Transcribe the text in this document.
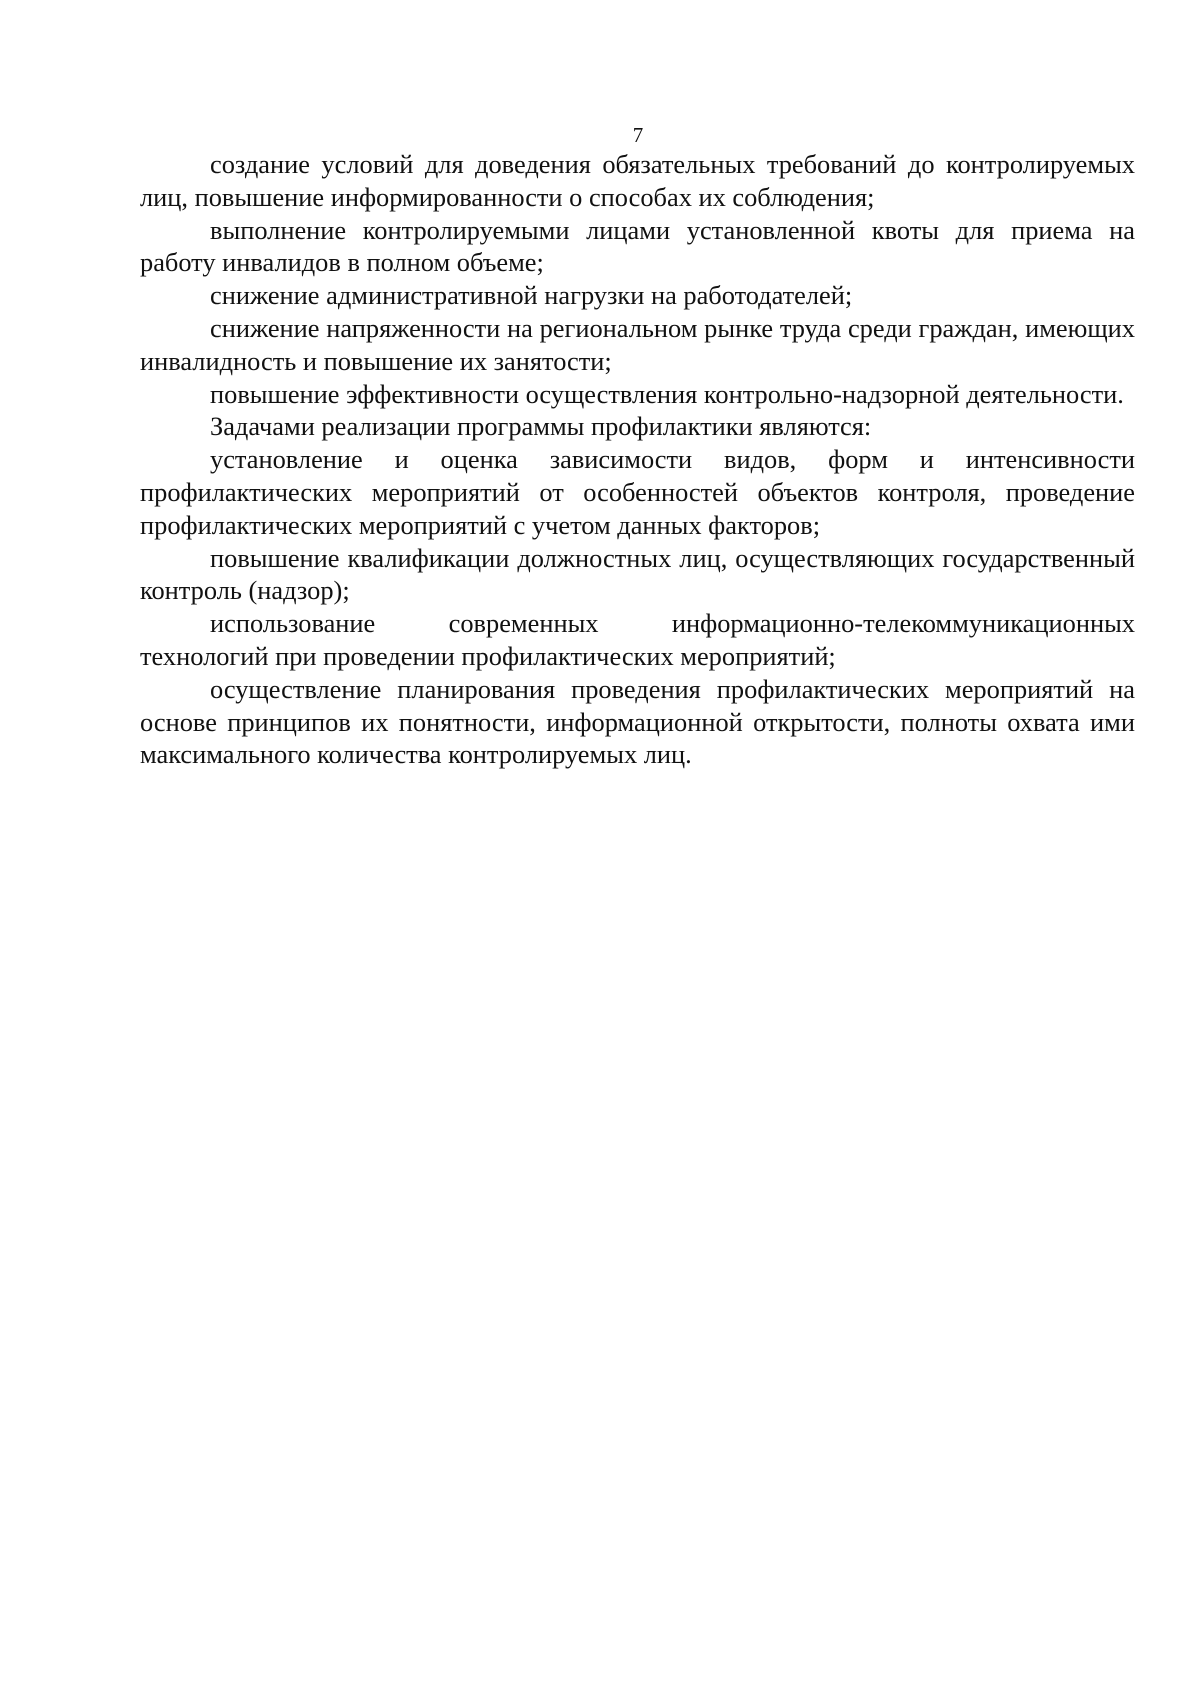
7

создание условий для доведения обязательных требований до контролируемых лиц, повышение информированности о способах их соблюдения;

выполнение контролируемыми лицами установленной квоты для приема на работу инвалидов в полном объеме;

снижение административной нагрузки на работодателей;

снижение напряженности на региональном рынке труда среди граждан, имеющих инвалидность и повышение их занятости;

повышение эффективности осуществления контрольно-надзорной деятельности.

Задачами реализации программы профилактики являются:

установление и оценка зависимости видов, форм и интенсивности профилактических мероприятий от особенностей объектов контроля, проведение профилактических мероприятий с учетом данных факторов;

повышение квалификации должностных лиц, осуществляющих государственный контроль (надзор);

использование современных информационно-телекоммуникационных технологий при проведении профилактических мероприятий;

осуществление планирования проведения профилактических мероприятий на основе принципов их понятности, информационной открытости, полноты охвата ими максимального количества контролируемых лиц.
